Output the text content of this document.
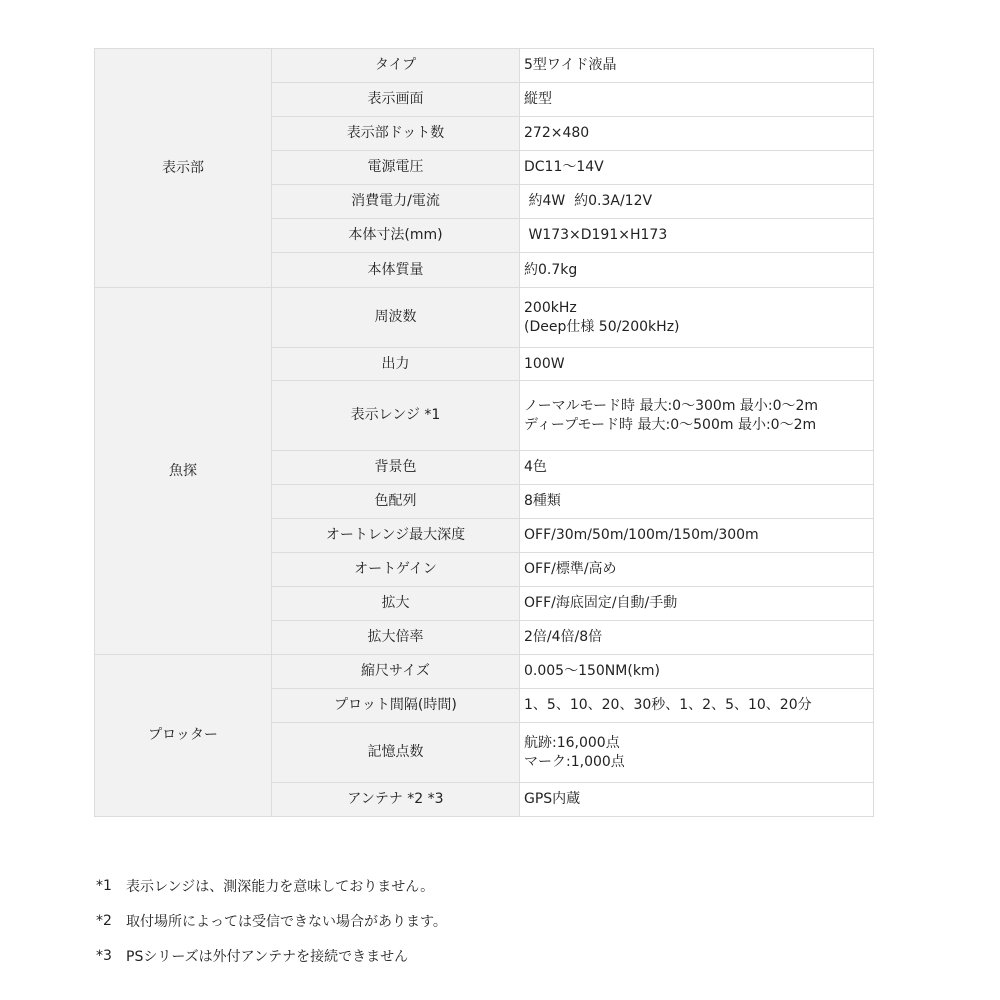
表示部	タイプ	5型ワイド液晶

	表示画面	縦型

	表示部ドット数	272×480

	電源電圧	DC11〜14V

	消費電力/電流	約4W  約0.3A/12V

	本体寸法(mm)	W173×D191×H173

	本体質量	約0.7kg

魚探	周波数	200kHz
(Deep仕様 50/200kHz)

	出力	100W

	表示レンジ *1	ノーマルモード時 最大:0〜300m 最小:0〜2m
ディープモード時 最大:0〜500m 最小:0〜2m

	背景色	4色

	色配列	8種類

	オートレンジ最大深度	OFF/30m/50m/100m/150m/300m

	オートゲイン	OFF/標準/高め

	拡大	OFF/海底固定/自動/手動

	拡大倍率	2倍/4倍/8倍

プロッター	縮尺サイズ	0.005〜150NM(km)

	プロット間隔(時間)	1、5、10、20、30秒、1、2、5、10、20分

	記憶点数	航跡:16,000点
マーク:1,000点

	アンテナ *2 *3	GPS内蔵
*1	表示レンジは、測深能力を意味しておりません。
*2	取付場所によっては受信できない場合があります。
*3	PSシリーズは外付アンテナを接続できません
